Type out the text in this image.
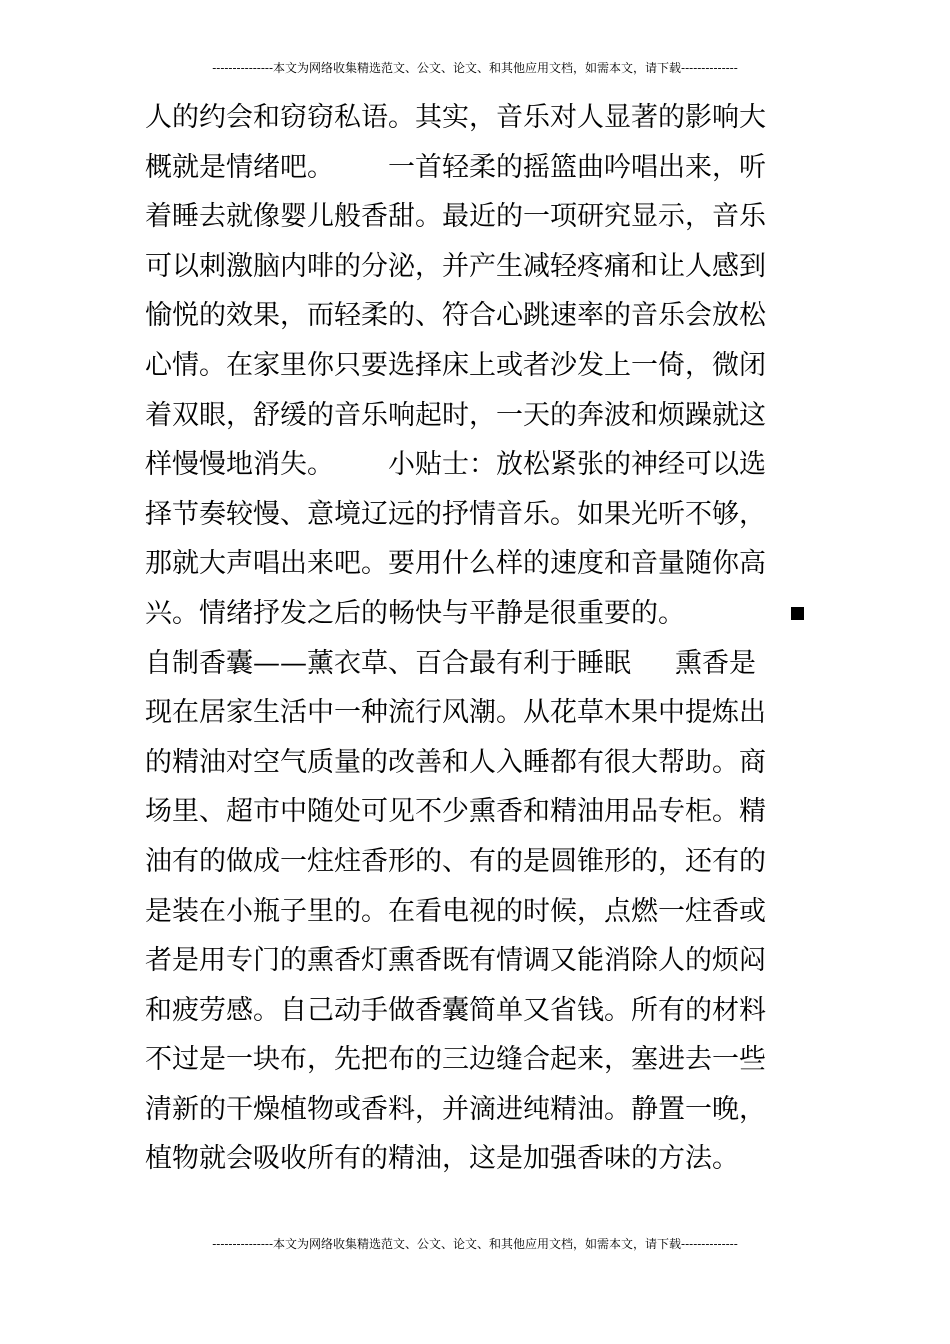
---------------本文为网络收集精选范文、公文、论文、和其他应用文档，如需本文，请下载--------------
人的约会和窃窃私语。其实，音乐对人显著的影响大
概就是情绪吧。 一首轻柔的摇篮曲吟唱出来，听
着睡去就像婴儿般香甜。最近的一项研究显示，音乐
可以刺激脑内啡的分泌，并产生减轻疼痛和让人感到
愉悦的效果，而轻柔的、符合心跳速率的音乐会放松
心情。在家里你只要选择床上或者沙发上一倚，微闭
着双眼，舒缓的音乐响起时，一天的奔波和烦躁就这
样慢慢地消失。 小贴士：放松紧张的神经可以选
择节奏较慢、意境辽远的抒情音乐。如果光听不够，
那就大声唱出来吧。要用什么样的速度和音量随你高
兴。情绪抒发之后的畅快与平静是很重要的。
自制香囊——薰衣草、百合最有利于睡眠 熏香是
现在居家生活中一种流行风潮。从花草木果中提炼出
的精油对空气质量的改善和人入睡都有很大帮助。商
场里、超市中随处可见不少熏香和精油用品专柜。精
油有的做成一炷炷香形的、有的是圆锥形的，还有的
是装在小瓶子里的。在看电视的时候，点燃一炷香或
者是用专门的熏香灯熏香既有情调又能消除人的烦闷
和疲劳感。自己动手做香囊简单又省钱。所有的材料
不过是一块布，先把布的三边缝合起来，塞进去一些
清新的干燥植物或香料，并滴进纯精油。静置一晚，
植物就会吸收所有的精油，这是加强香味的方法。
---------------本文为网络收集精选范文、公文、论文、和其他应用文档，如需本文，请下载--------------
